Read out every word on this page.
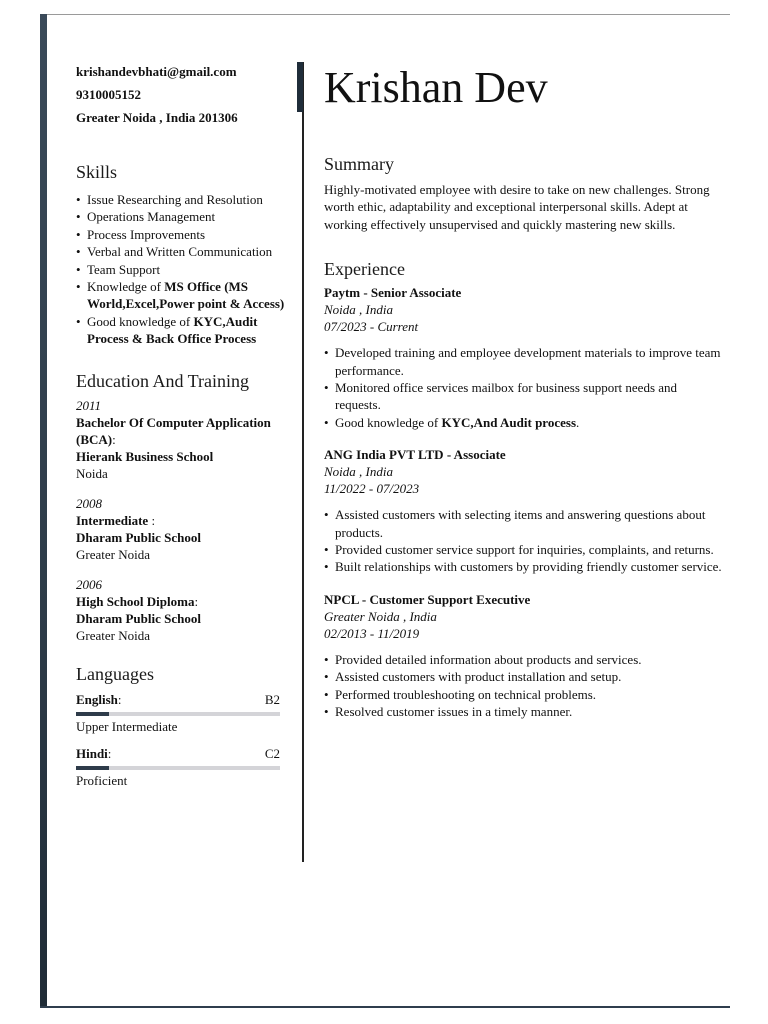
krishandevbhati@gmail.com

9310005152

Greater Noida , India 201306

Skills
• Issue Researching and Resolution
• Operations Management
• Process Improvements
• Verbal and Written Communication
• Team Support
• Knowledge of MS Office (MS World,Excel,Power point & Access)
• Good knowledge of KYC,Audit Process & Back Office Process
Education And Training
2011
Bachelor Of Computer Application (BCA):
Hierank Business School
Noida
2008
Intermediate :
Dharam Public School
Greater Noida
2006
High School Diploma:
Dharam Public School
Greater Noida
Languages
English:	B2
Upper Intermediate
Hindi:	C2
Proficient
Krishan Dev
Summary

Highly-motivated employee with desire to take on new challenges. Strong worth ethic, adaptability and exceptional interpersonal skills. Adept at working effectively unsupervised and quickly mastering new skills.

Experience
Paytm - Senior Associate
Noida , India
07/2023 - Current
• Developed training and employee development materials to improve team performance.
• Monitored office services mailbox for business support needs and requests.
• Good knowledge of KYC,And Audit process.
ANG India PVT LTD - Associate
Noida , India
11/2022 - 07/2023
• Assisted customers with selecting items and answering questions about products.
• Provided customer service support for inquiries, complaints, and returns.
• Built relationships with customers by providing friendly customer service.
NPCL - Customer Support Executive
Greater Noida , India
02/2013 - 11/2019
• Provided detailed information about products and services.
• Assisted customers with product installation and setup.
• Performed troubleshooting on technical problems.
• Resolved customer issues in a timely manner.
